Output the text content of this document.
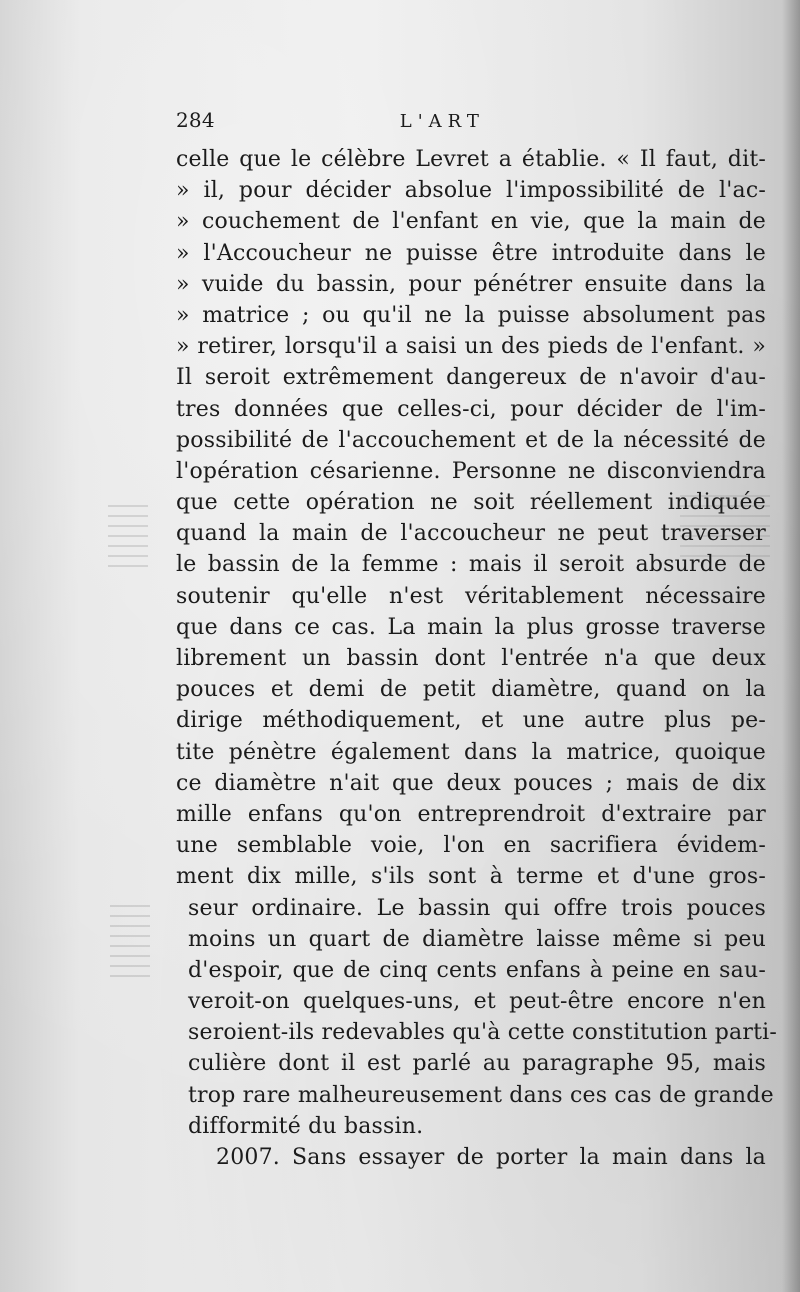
284	L'ART
celle que le célèbre Levret a établie. « Il faut, dit-
» il, pour décider absolue l'impossibilité de l'ac-
» couchement de l'enfant en vie, que la main de
» l'Accoucheur ne puisse être introduite dans le
» vuide du bassin, pour pénétrer ensuite dans la
» matrice ; ou qu'il ne la puisse absolument pas
» retirer, lorsqu'il a saisi un des pieds de l'enfant. »
Il seroit extrêmement dangereux de n'avoir d'au-
tres données que celles-ci, pour décider de l'im-
possibilité de l'accouchement et de la nécessité de
l'opération césarienne. Personne ne disconviendra
que cette opération ne soit réellement indiquée
quand la main de l'accoucheur ne peut traverser
le bassin de la femme : mais il seroit absurde de
soutenir qu'elle n'est véritablement nécessaire
que dans ce cas. La main la plus grosse traverse
librement un bassin dont l'entrée n'a que deux
pouces et demi de petit diamètre, quand on la
dirige méthodiquement, et une autre plus pe-
tite pénètre également dans la matrice, quoique
ce diamètre n'ait que deux pouces ; mais de dix
mille enfans qu'on entreprendroit d'extraire par
une semblable voie, l'on en sacrifiera évidem-
ment dix mille, s'ils sont à terme et d'une gros-
seur ordinaire. Le bassin qui offre trois pouces
moins un quart de diamètre laisse même si peu
d'espoir, que de cinq cents enfans à peine en sau-
veroit-on quelques-uns, et peut-être encore n'en
seroient-ils redevables qu'à cette constitution parti-
culière dont il est parlé au paragraphe 95, mais
trop rare malheureusement dans ces cas de grande
difformité du bassin.
2007. Sans essayer de porter la main dans la
